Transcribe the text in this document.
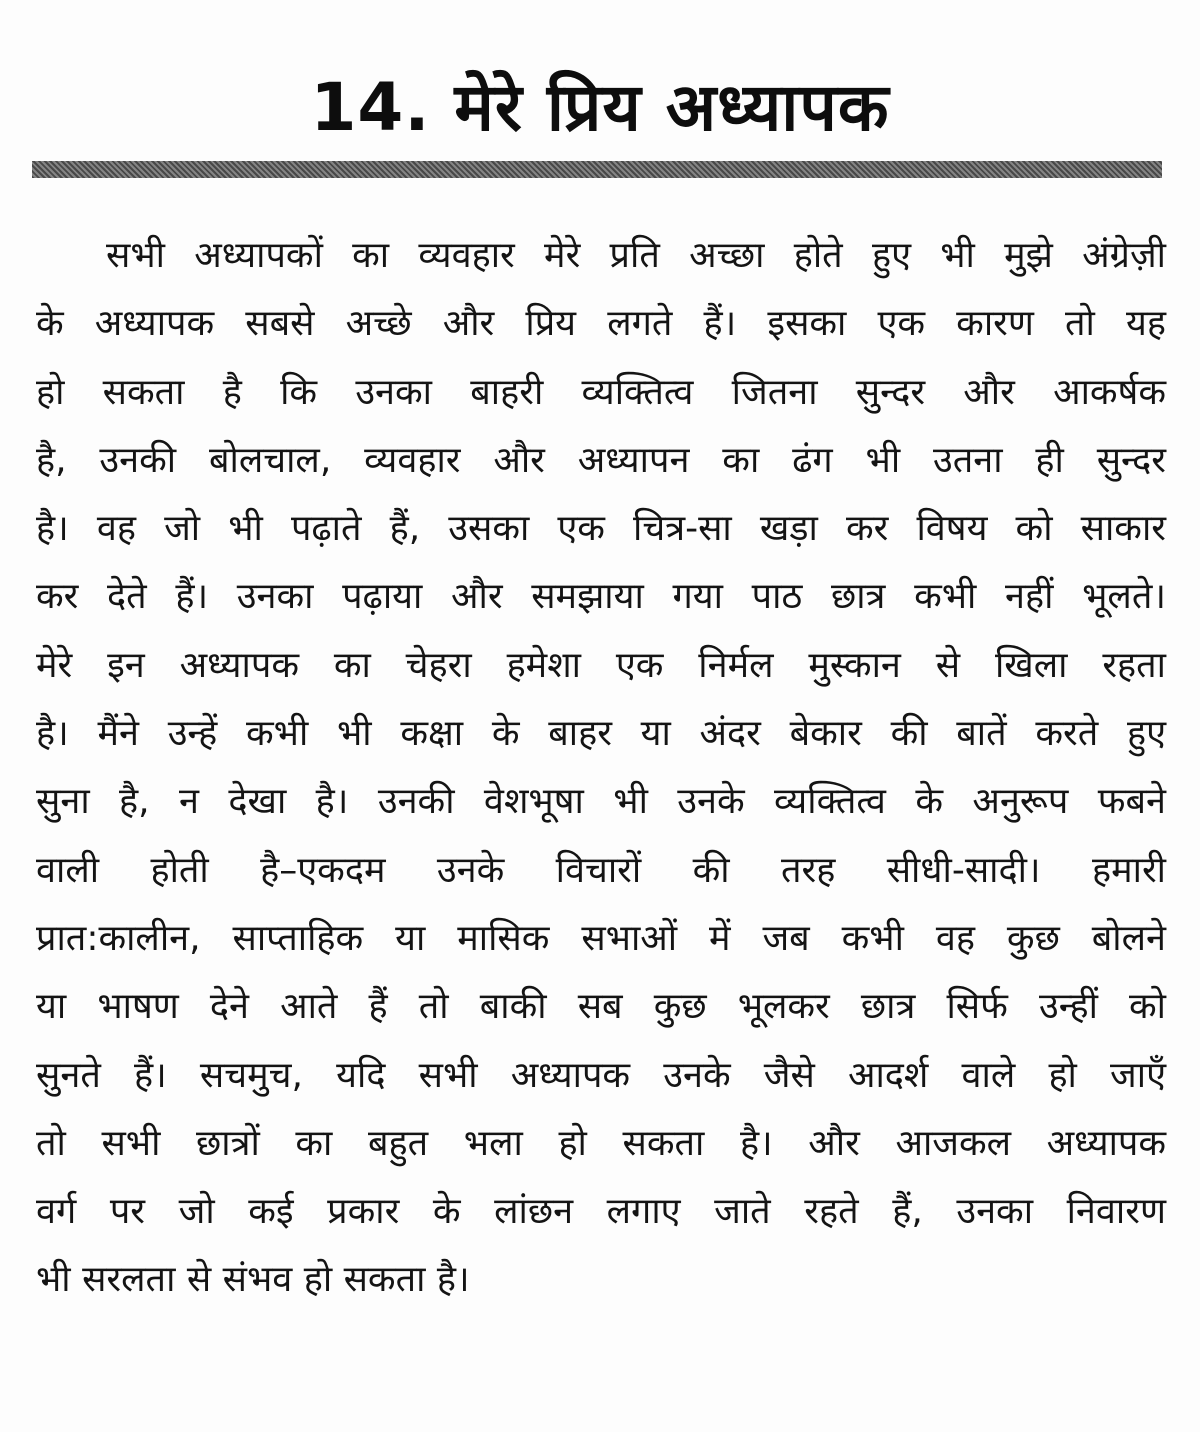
14. मेरे प्रिय अध्यापक
सभी अध्यापकों का व्यवहार मेरे प्रति अच्छा होते हुए भी मुझे अंग्रेज़ी
के अध्यापक सबसे अच्छे और प्रिय लगते हैं। इसका एक कारण तो यह
हो सकता है कि उनका बाहरी व्यक्तित्व जितना सुन्दर और आकर्षक
है, उनकी बोलचाल, व्यवहार और अध्यापन का ढंग भी उतना ही सुन्दर
है। वह जो भी पढ़ाते हैं, उसका एक चित्र-सा खड़ा कर विषय को साकार
कर देते हैं। उनका पढ़ाया और समझाया गया पाठ छात्र कभी नहीं भूलते।
मेरे इन अध्यापक का चेहरा हमेशा एक निर्मल मुस्कान से खिला रहता
है। मैंने उन्हें कभी भी कक्षा के बाहर या अंदर बेकार की बातें करते हुए
सुना है, न देखा है। उनकी वेशभूषा भी उनके व्यक्तित्व के अनुरूप फबने
वाली होती है–एकदम उनके विचारों की तरह सीधी-सादी। हमारी
प्रात:कालीन, साप्ताहिक या मासिक सभाओं में जब कभी वह कुछ बोलने
या भाषण देने आते हैं तो बाकी सब कुछ भूलकर छात्र सिर्फ उन्हीं को
सुनते हैं। सचमुच, यदि सभी अध्यापक उनके जैसे आदर्श वाले हो जाएँ
तो सभी छात्रों का बहुत भला हो सकता है। और आजकल अध्यापक
वर्ग पर जो कई प्रकार के लांछन लगाए जाते रहते हैं, उनका निवारण
भी सरलता से संभव हो सकता है।
